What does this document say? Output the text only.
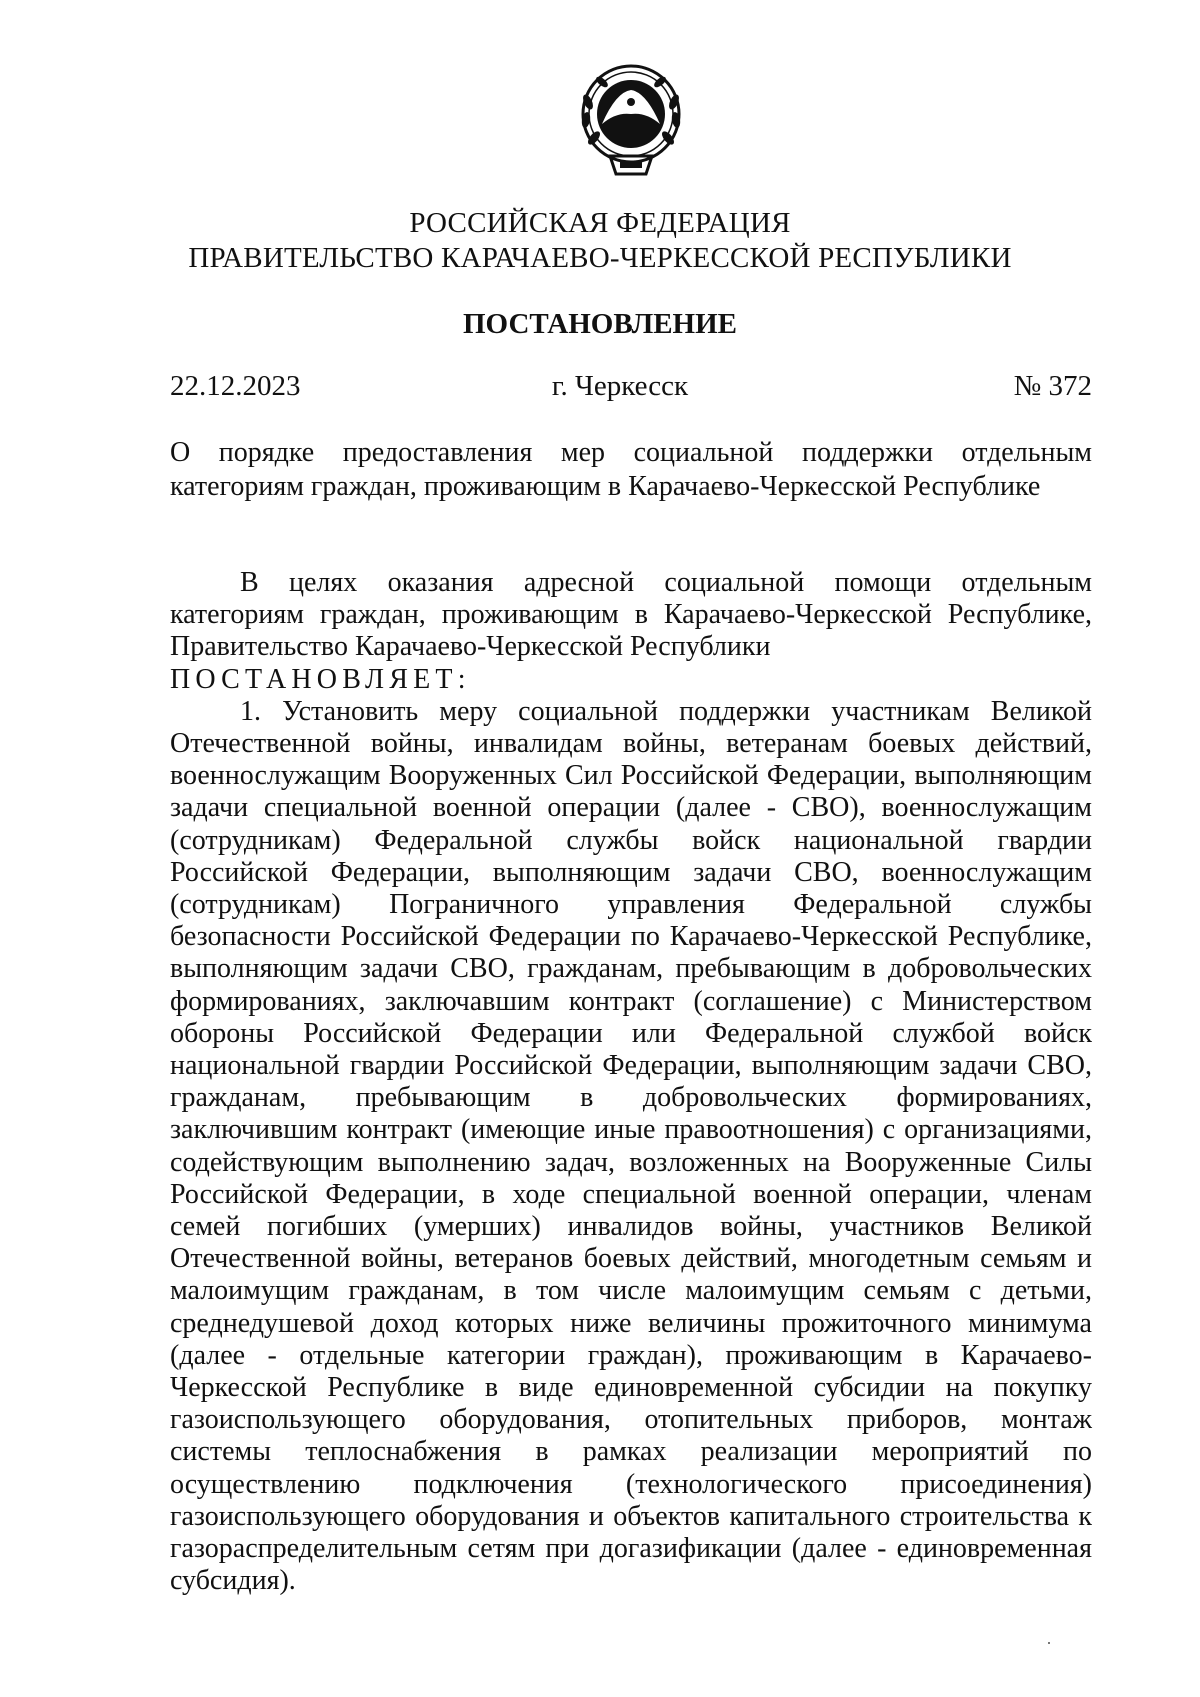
РОССИЙСКАЯ ФЕДЕРАЦИЯ

ПРАВИТЕЛЬСТВО КАРАЧАЕВО-ЧЕРКЕССКОЙ РЕСПУБЛИКИ

ПОСТАНОВЛЕНИЕ

22.12.2023	г. Черкесск	№ 372

О порядке предоставления мер социальной поддержки отдельным категориям граждан, проживающим в Карачаево-Черкесской Республике

В целях оказания адресной социальной помощи отдельным категориям граждан, проживающим в Карачаево-Черкесской Республике, Правительство Карачаево-Черкесской Республики

ПОСТАНОВЛЯЕТ:

1. Установить меру социальной поддержки участникам Великой Отечественной войны, инвалидам войны, ветеранам боевых действий, военнослужащим Вооруженных Сил Российской Федерации, выполняющим задачи специальной военной операции (далее - СВО), военнослужащим (сотрудникам) Федеральной службы войск национальной гвардии Российской Федерации, выполняющим задачи СВО, военнослужащим (сотрудникам) Пограничного управления Федеральной службы безопасности Российской Федерации по Карачаево-Черкесской Республике, выполняющим задачи СВО, гражданам, пребывающим в добровольческих формированиях, заключавшим контракт (соглашение) с Министерством обороны Российской Федерации или Федеральной службой войск национальной гвардии Российской Федерации, выполняющим задачи СВО, гражданам, пребывающим в добровольческих формированиях, заключившим контракт (имеющие иные правоотношения) с организациями, содействующим выполнению задач, возложенных на Вооруженные Силы Российской Федерации, в ходе специальной военной операции, членам семей погибших (умерших) инвалидов войны, участников Великой Отечественной войны, ветеранов боевых действий, многодетным семьям и малоимущим гражданам, в том числе малоимущим семьям с детьми, среднедушевой доход которых ниже величины прожиточного минимума (далее - отдельные категории граждан), проживающим в Карачаево-Черкесской Республике в виде единовременной субсидии на покупку газоиспользующего оборудования, отопительных приборов, монтаж системы теплоснабжения в рамках реализации мероприятий по осуществлению подключения (технологического присоединения) газоиспользующего оборудования и объектов капитального строительства к газораспределительным сетям при догазификации (далее - единовременная субсидия).
